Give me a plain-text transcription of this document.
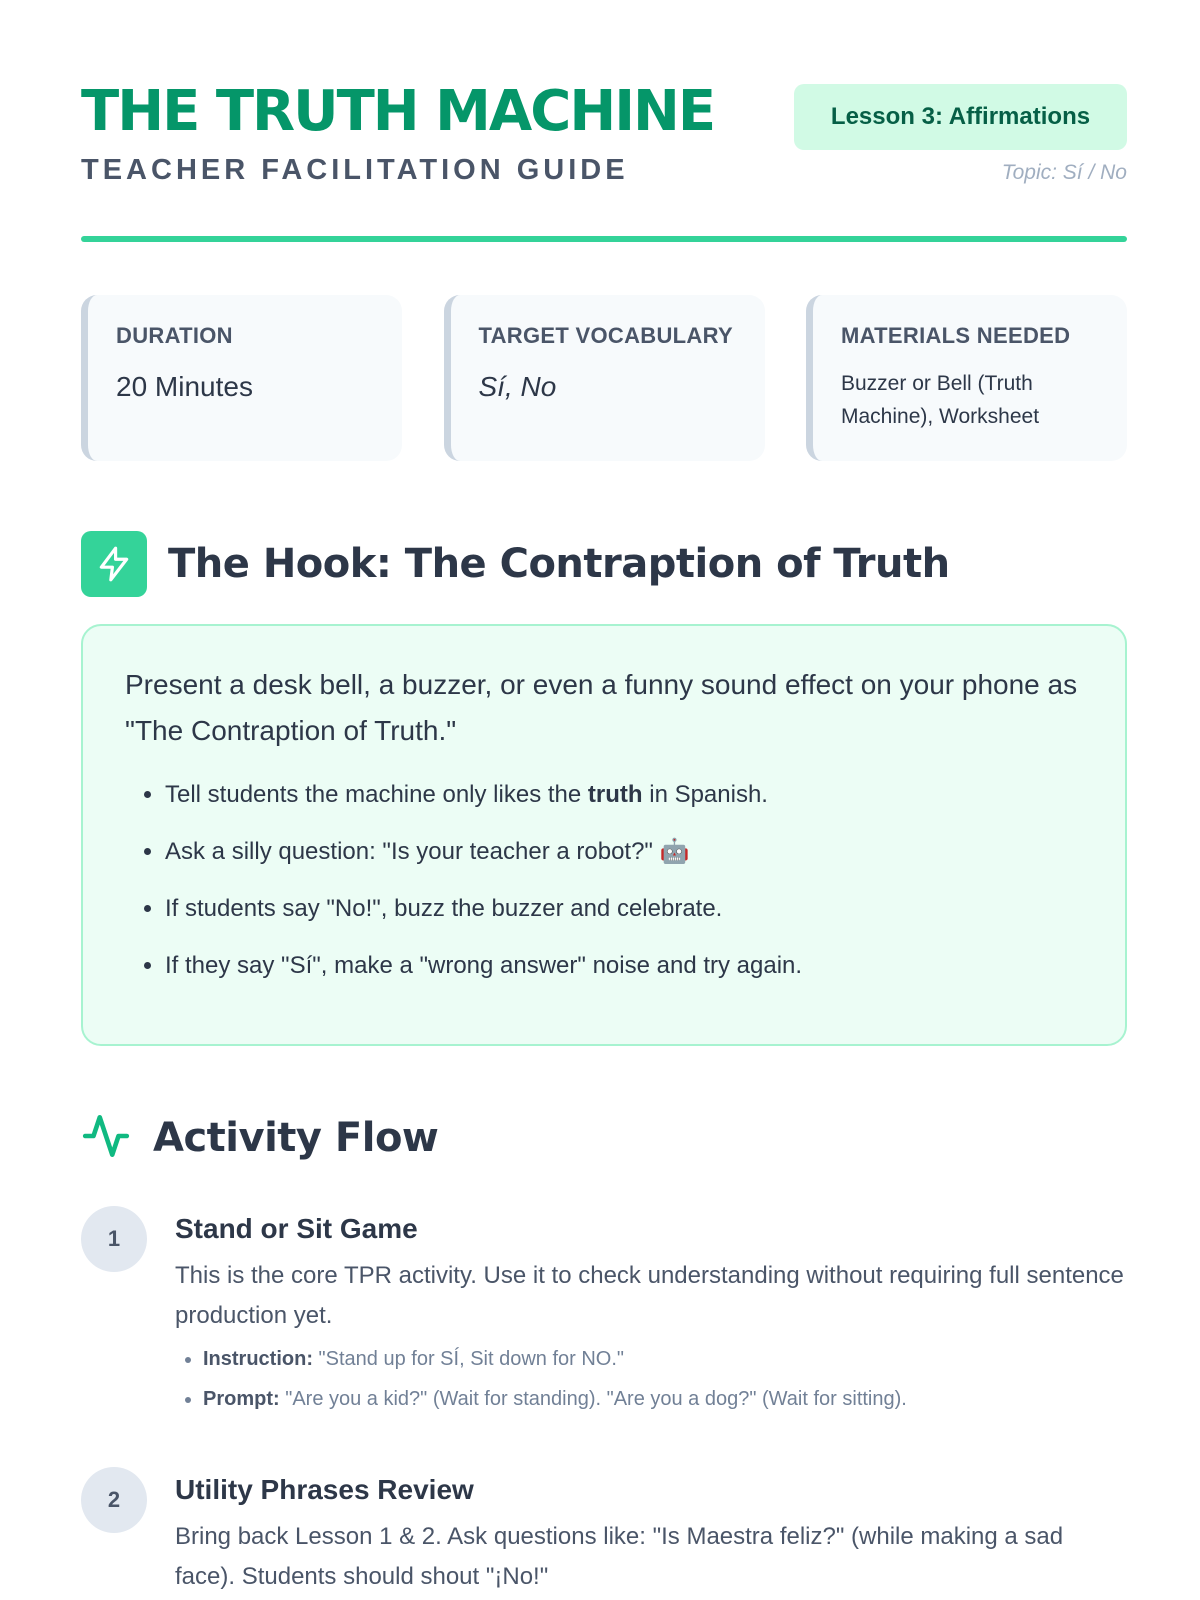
THE TRUTH MACHINE
TEACHER FACILITATION GUIDE
Lesson 3: Affirmations
Topic: Sí / No
DURATION
20 Minutes
TARGET VOCABULARY
Sí, No
MATERIALS NEEDED
Buzzer or Bell (Truth Machine), Worksheet
The Hook: The Contraption of Truth

Present a desk bell, a buzzer, or even a funny sound effect on your phone as "The Contraption of Truth."

• Tell students the machine only likes the truth in Spanish.
• Ask a silly question: "Is your teacher a robot?" 🤖
• If students say "No!", buzz the buzzer and celebrate.
• If they say "Sí", make a "wrong answer" noise and try again.
Activity Flow
1	Stand or Sit Game

This is the core TPR activity. Use it to check understanding without requiring full sentence production yet.

• Instruction: "Stand up for SÍ, Sit down for NO."
• Prompt: "Are you a kid?" (Wait for standing). "Are you a dog?" (Wait for sitting).
2	Utility Phrases Review

Bring back Lesson 1 & 2. Ask questions like: "Is Maestra feliz?" (while making a sad face). Students should shout "¡No!"
